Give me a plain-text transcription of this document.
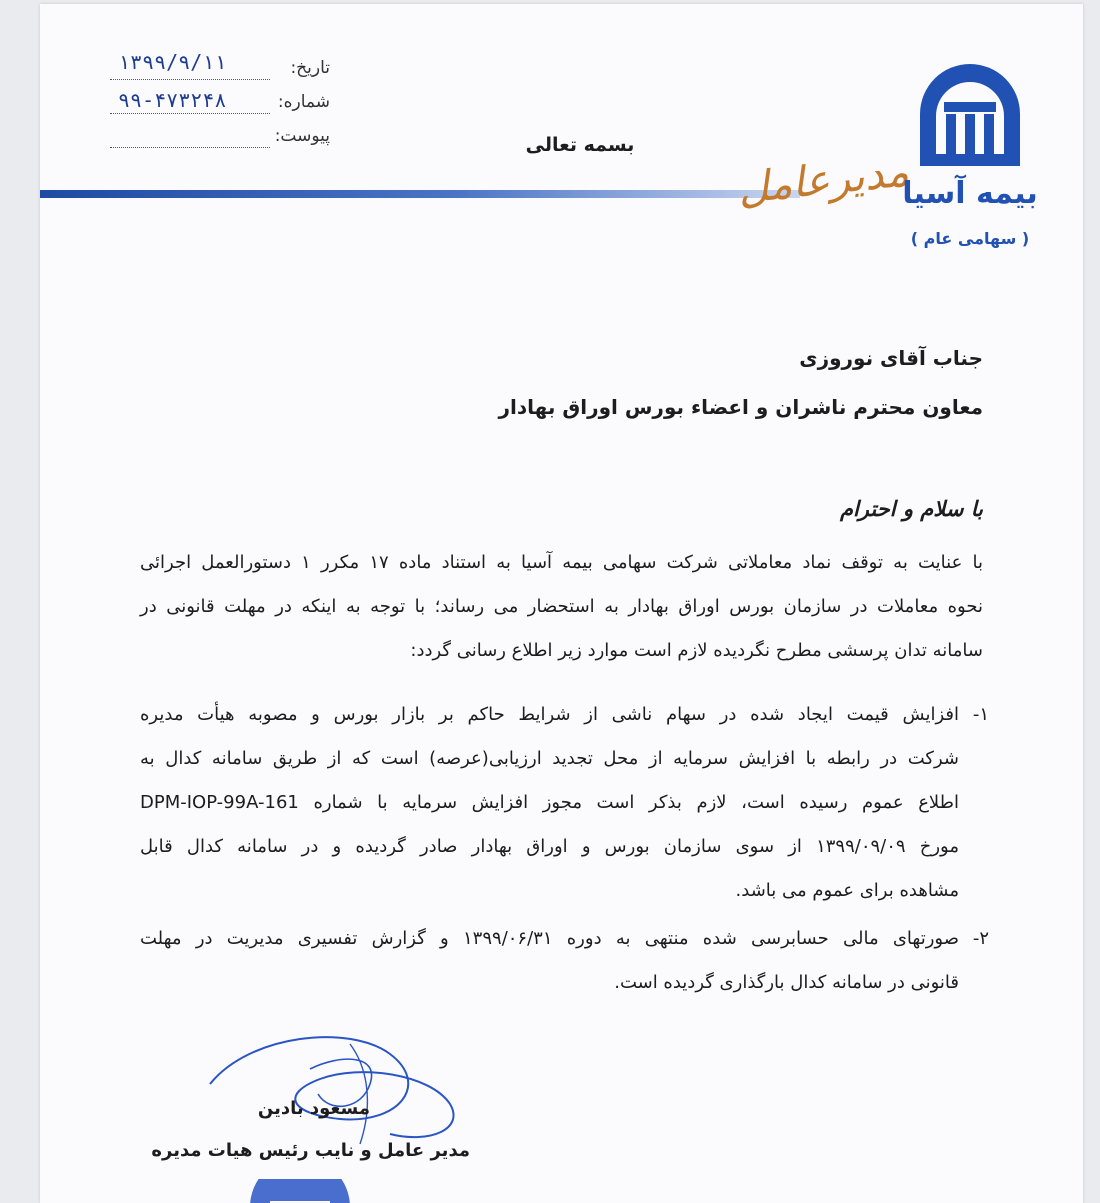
تاریخ:
۱۳۹۹/۹/۱۱
شماره:
۹۹-۴۷۳۲۴۸
پیوست:	بسمه تعالی
مدیرعامل
بیمه آسیا
( سهامی عام )
جناب آقای نوروزی
معاون محترم ناشران و اعضاء بورس اوراق بهادار
با سلام و احترام
با عنایت به توقف نماد معاملاتی شرکت سهامی بیمه آسیا به استناد ماده ۱۷ مکرر ۱ دستورالعمل اجرائی
نحوه معاملات در سازمان بورس اوراق بهادار به استحضار می رساند؛ با توجه به اینکه در مهلت قانونی در
سامانه تدان پرسشی مطرح نگردیده لازم است موارد زیر اطلاع رسانی گردد:
۱-
افزایش قیمت ایجاد شده در سهام ناشی از شرایط حاکم بر بازار بورس و مصوبه هیأت مدیره
شرکت در رابطه با افزایش سرمایه از محل تجدید ارزیابی(عرصه) است که از طریق سامانه کدال به
اطلاع عموم رسیده است، لازم بذکر است مجوز افزایش سرمایه با شماره DPM-IOP-99A-161
مورخ ۱۳۹۹/۰۹/۰۹ از سوی سازمان بورس و اوراق بهادار صادر گردیده و در سامانه کدال قابل
مشاهده برای عموم می باشد.
۲-
صورتهای مالی حسابرسی شده منتهی به دوره ۱۳۹۹/۰۶/۳۱ و گزارش تفسیری مدیریت در مهلت
قانونی در سامانه کدال بارگذاری گردیده است.
مسعود بادین
مدیر عامل و نایب رئیس هیات مدیره
